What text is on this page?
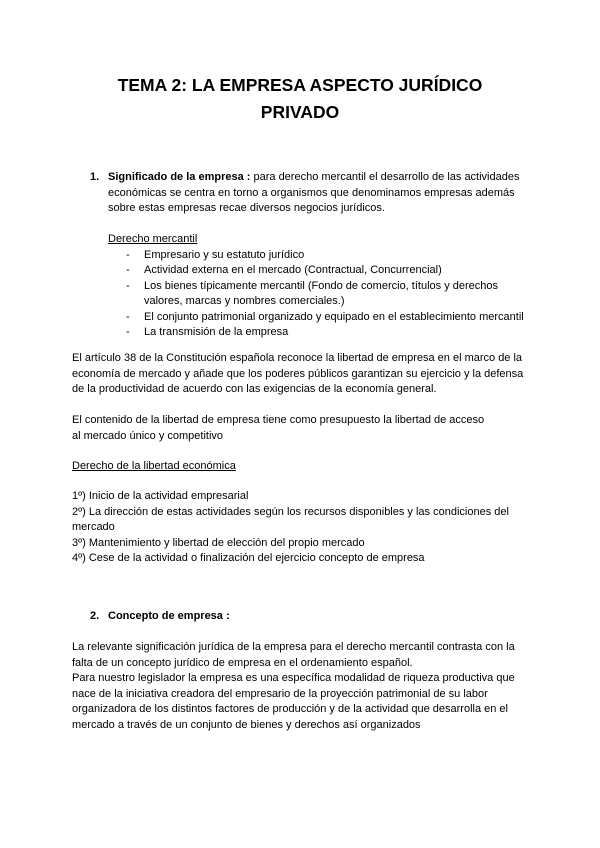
TEMA 2: LA EMPRESA ASPECTO JURÍDICO
PRIVADO
1. Significado de la empresa : para derecho mercantil el desarrollo de las actividades económicas se centra en torno a organismos que denominamos empresas además sobre estas empresas recae diversos negocios jurídicos.

Derecho mercantil

- Empresario y su estatuto jurídico
- Actividad externa en el mercado (Contractual, Concurrencial)
- Los bienes típicamente mercantil (Fondo de comercio, títulos y derechos valores, marcas y nombres comerciales.)
- El conjunto patrimonial organizado y equipado en el establecimiento mercantil
- La transmisión de la empresa

El artículo 38 de la Constitución española reconoce la libertad de empresa en el marco de la economía de mercado y añade que los poderes públicos garantizan su ejercicio y la defensa de la productividad de acuerdo con las exigencias de la economía general.

El contenido de la libertad de empresa tiene como presupuesto la libertad de acceso al mercado único y competitivo

Derecho de la libertad económica

1º) Inicio de la actividad empresarial

2º) La dirección de estas actividades según los recursos disponibles y las condiciones del mercado

3º) Mantenimiento y libertad de elección del propio mercado

4º) Cese de la actividad o finalización del ejercicio concepto de empresa

2. Concepto de empresa :

La relevante significación jurídica de la empresa para el derecho mercantil contrasta con la falta de un concepto jurídico de empresa en el ordenamiento español.

Para nuestro legislador la empresa es una específica modalidad de riqueza productiva que nace de la iniciativa creadora del empresario de la proyección patrimonial de su labor organizadora de los distintos factores de producción y de la actividad que desarrolla en el mercado a través de un conjunto de bienes y derechos así organizados
